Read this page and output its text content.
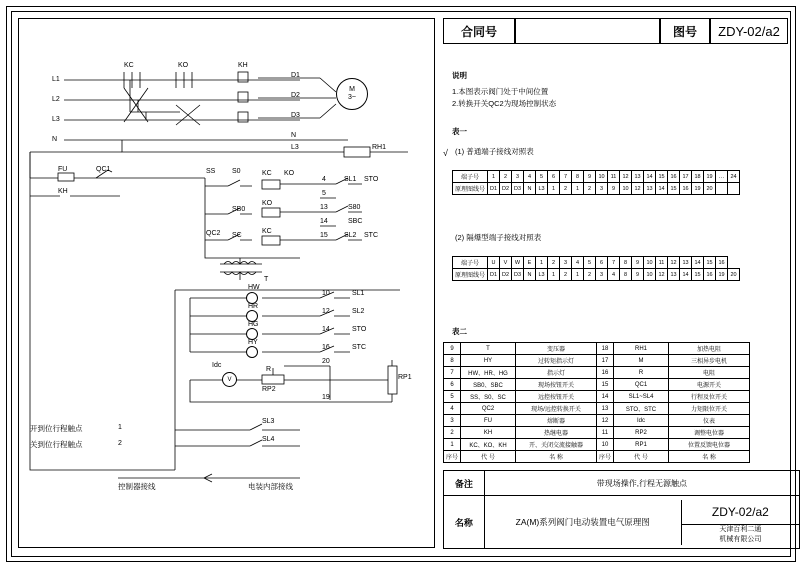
合同号	图号	ZDY-02/a2
L1
L2
L3
N
M
3~
KC	KO	KH
D1
D2
D3
N
L3	RH1
FU
KH
QC1	SS S0
QC2
SB0
SC
KC KO
KO
KC
4
5
13
14
15
SL1 STO
S80
SBC
SL2 STC
T
HW
HR
HG
HY
10
12
14
16
SL1
SL2
STO
STC
V
Idc
R
RP2
RP1
20
19
开到位行程触点
关到位行程触点
1
2
SL3
SL4
控制器接线	电装内部接线
说明
1.本图表示阀门处于中间位置
2.转换开关QC2为现场控制状态
表一
√ (1) 普通端子接线对照表
端子号	1	2	3	4	5	6	7	8	9	10	11	12	13	14	15	16	17	18	19	…	24
原理图线号	D1	D2	D3	N	L3	1	2	1	2	3	9	10	12	13	14	15	16	19	20		
(2) 隔爆型端子接线对照表
端子号	U	V	W	E	1	2	3	4	5	6	7	8	9	10	11	12	13	14	15	16	
原理图线号	D1	D2	D3	N	L3	1	2	1	2	3	4	8	9	10	12	13	14	15	16	19	20
表二
9	T	变压器	18	RH1	加热电阻
8	HY	过转矩指示灯	17	M	三相异步电机
7	HW、HR、HG	指示灯	16	R	电阻
6	SB0、SBC	现场按钮开关	15	QC1	电源开关
5	SS、S0、SC	远控按钮开关	14	SL1~SL4	行程及位开关
4	QC2	现场/远控转换开关	13	STO、STC	力矩限位开关
3	FU	熔断器	12	Idc	仪表
2	KH	热继电器	11	RP2	调整电位器
1	KC、KO、KH	开、关闭交流接触器	10	RP1	位置反馈电位器
序号	代 号	名 称	序号	代 号	名 称
备注	带现场操作,行程无源触点
名称		ZA(M)系列阀门电动装置电气原理图	
ZDY-02/a2
天津百利二通
机械有限公司
